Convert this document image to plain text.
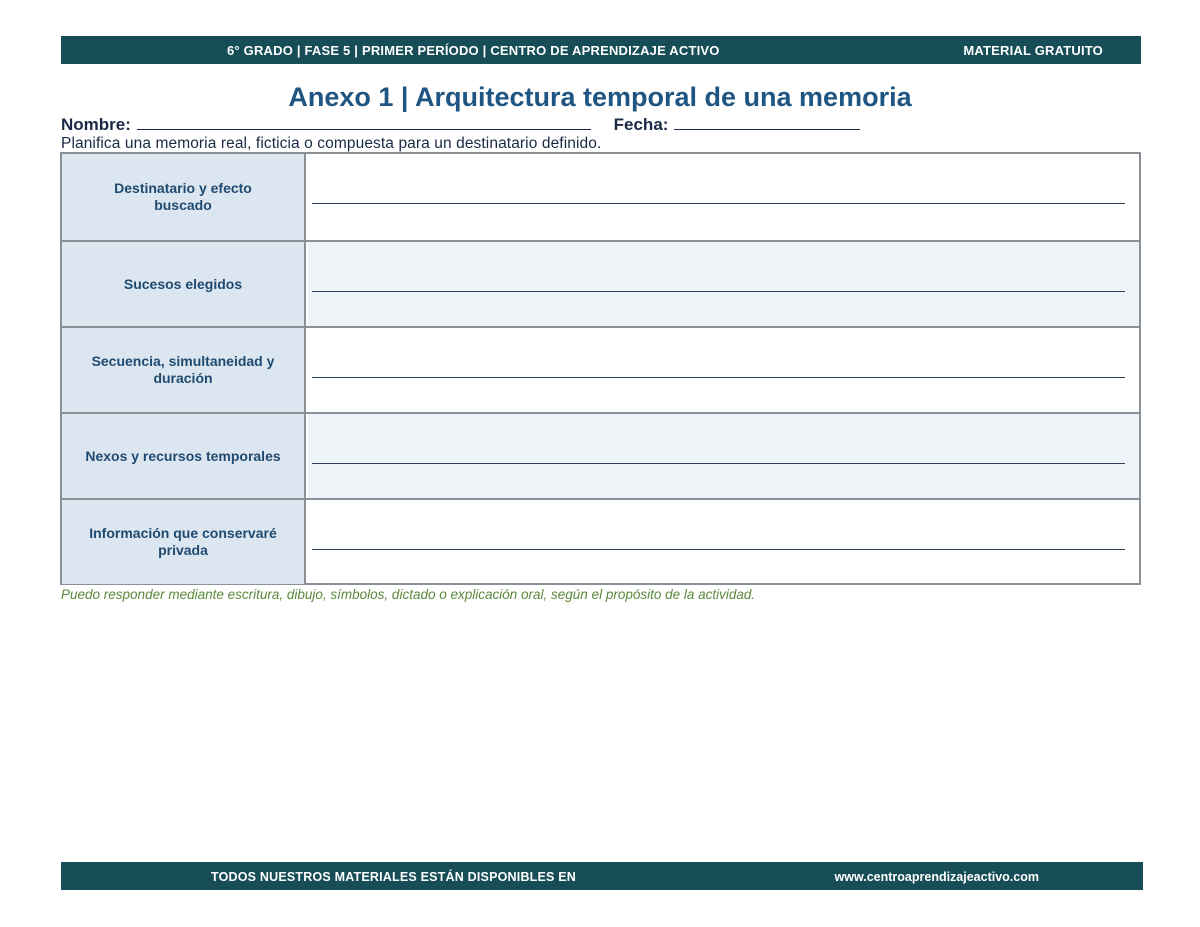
6° GRADO | FASE 5 | PRIMER PERÍODO | CENTRO DE APRENDIZAJE ACTIVO	MATERIAL GRATUITO
Anexo 1 | Arquitectura temporal de una memoria
Nombre:	Fecha:
Planifica una memoria real, ficticia o compuesta para un destinatario definido.
Destinatario y efecto buscado
Sucesos elegidos
Secuencia, simultaneidad y duración
Nexos y recursos temporales
Información que conservaré privada
Puedo responder mediante escritura, dibujo, símbolos, dictado o explicación oral, según el propósito de la actividad.
TODOS NUESTROS MATERIALES ESTÁN DISPONIBLES EN	www.centroaprendizajeactivo.com
